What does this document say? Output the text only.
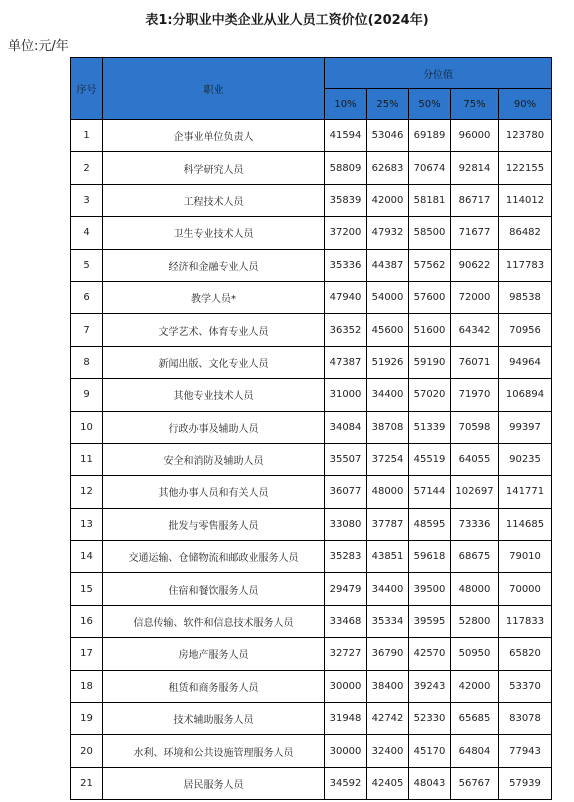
表1:分职业中类企业从业人员工资价位(2024年)
单位:元/年
序号	职业	分位值				
		10%	25%	50%	75%	90%
1	企事业单位负责人	41594	53046	69189	96000	123780
2	科学研究人员	58809	62683	70674	92814	122155
3	工程技术人员	35839	42000	58181	86717	114012
4	卫生专业技术人员	37200	47932	58500	71677	86482
5	经济和金融专业人员	35336	44387	57562	90622	117783
6	教学人员*	47940	54000	57600	72000	98538
7	文学艺术、体育专业人员	36352	45600	51600	64342	70956
8	新闻出版、文化专业人员	47387	51926	59190	76071	94964
9	其他专业技术人员	31000	34400	57020	71970	106894
10	行政办事及辅助人员	34084	38708	51339	70598	99397
11	安全和消防及辅助人员	35507	37254	45519	64055	90235
12	其他办事人员和有关人员	36077	48000	57144	102697	141771
13	批发与零售服务人员	33080	37787	48595	73336	114685
14	交通运输、仓储物流和邮政业服务人员	35283	43851	59618	68675	79010
15	住宿和餐饮服务人员	29479	34400	39500	48000	70000
16	信息传输、软件和信息技术服务人员	33468	35334	39595	52800	117833
17	房地产服务人员	32727	36790	42570	50950	65820
18	租赁和商务服务人员	30000	38400	39243	42000	53370
19	技术辅助服务人员	31948	42742	52330	65685	83078
20	水利、环境和公共设施管理服务人员	30000	32400	45170	64804	77943
21	居民服务人员	34592	42405	48043	56767	57939
